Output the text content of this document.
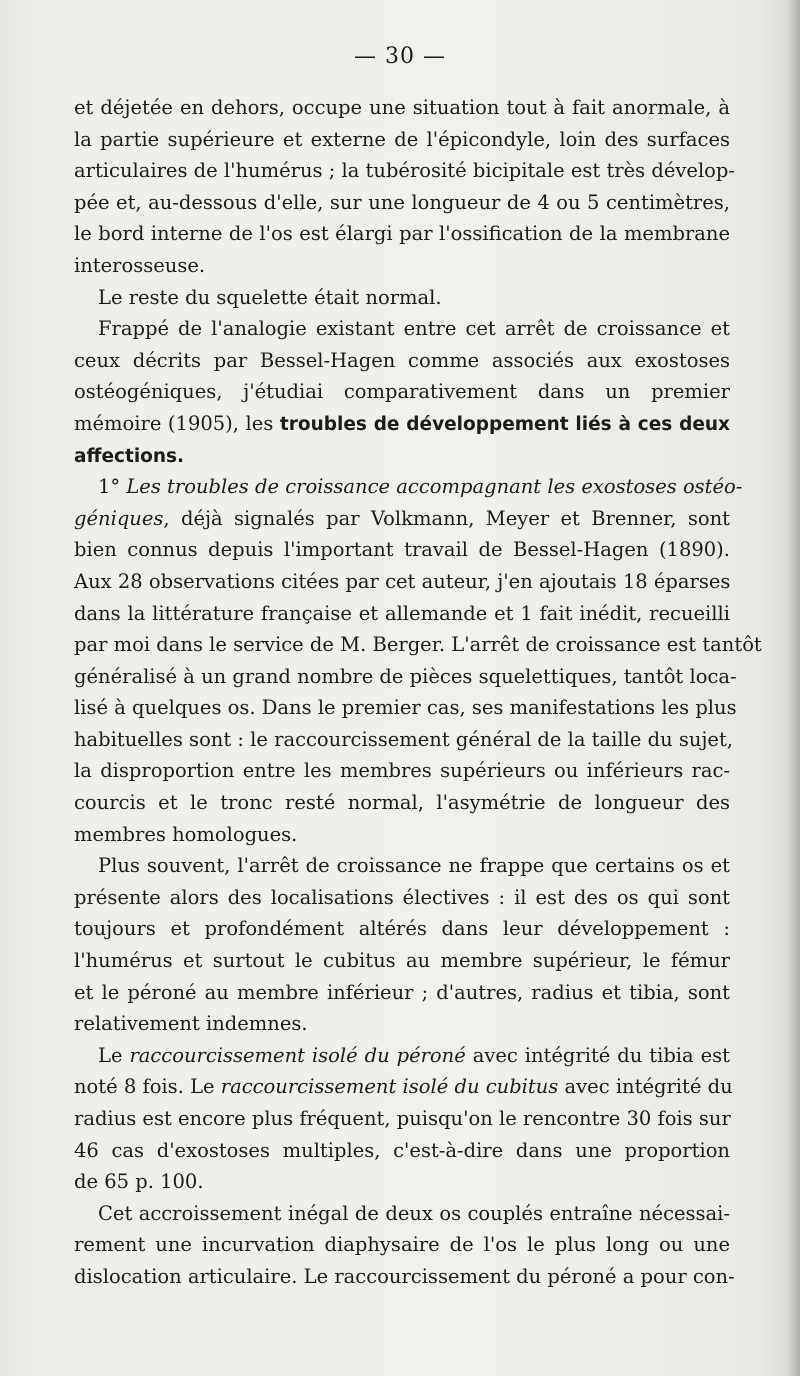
— 30 —
et déjetée en dehors, occupe une situation tout à fait anormale, à
la partie supérieure et externe de l'épicondyle, loin des surfaces
articulaires de l'humérus ; la tubérosité bicipitale est très dévelop-
pée et, au-dessous d'elle, sur une longueur de 4 ou 5 centimètres,
le bord interne de l'os est élargi par l'ossification de la membrane
interosseuse.
Le reste du squelette était normal.
Frappé de l'analogie existant entre cet arrêt de croissance et
ceux décrits par Bessel-Hagen comme associés aux exostoses
ostéogéniques, j'étudiai comparativement dans un premier
mémoire (1905), les troubles de développement liés à ces deux
affections.
1° Les troubles de croissance accompagnant les exostoses ostéo-
géniques, déjà signalés par Volkmann, Meyer et Brenner, sont
bien connus depuis l'important travail de Bessel-Hagen (1890).
Aux 28 observations citées par cet auteur, j'en ajoutais 18 éparses
dans la littérature française et allemande et 1 fait inédit, recueilli
par moi dans le service de M. Berger. L'arrêt de croissance est tantôt
généralisé à un grand nombre de pièces squelettiques, tantôt loca-
lisé à quelques os. Dans le premier cas, ses manifestations les plus
habituelles sont : le raccourcissement général de la taille du sujet,
la disproportion entre les membres supérieurs ou inférieurs rac-
courcis et le tronc resté normal, l'asymétrie de longueur des
membres homologues.
Plus souvent, l'arrêt de croissance ne frappe que certains os et
présente alors des localisations électives : il est des os qui sont
toujours et profondément altérés dans leur développement :
l'humérus et surtout le cubitus au membre supérieur, le fémur
et le péroné au membre inférieur ; d'autres, radius et tibia, sont
relativement indemnes.
Le raccourcissement isolé du péroné avec intégrité du tibia est
noté 8 fois. Le raccourcissement isolé du cubitus avec intégrité du
radius est encore plus fréquent, puisqu'on le rencontre 30 fois sur
46 cas d'exostoses multiples, c'est-à-dire dans une proportion
de 65 p. 100.
Cet accroissement inégal de deux os couplés entraîne nécessai-
rement une incurvation diaphysaire de l'os le plus long ou une
dislocation articulaire. Le raccourcissement du péroné a pour con-
